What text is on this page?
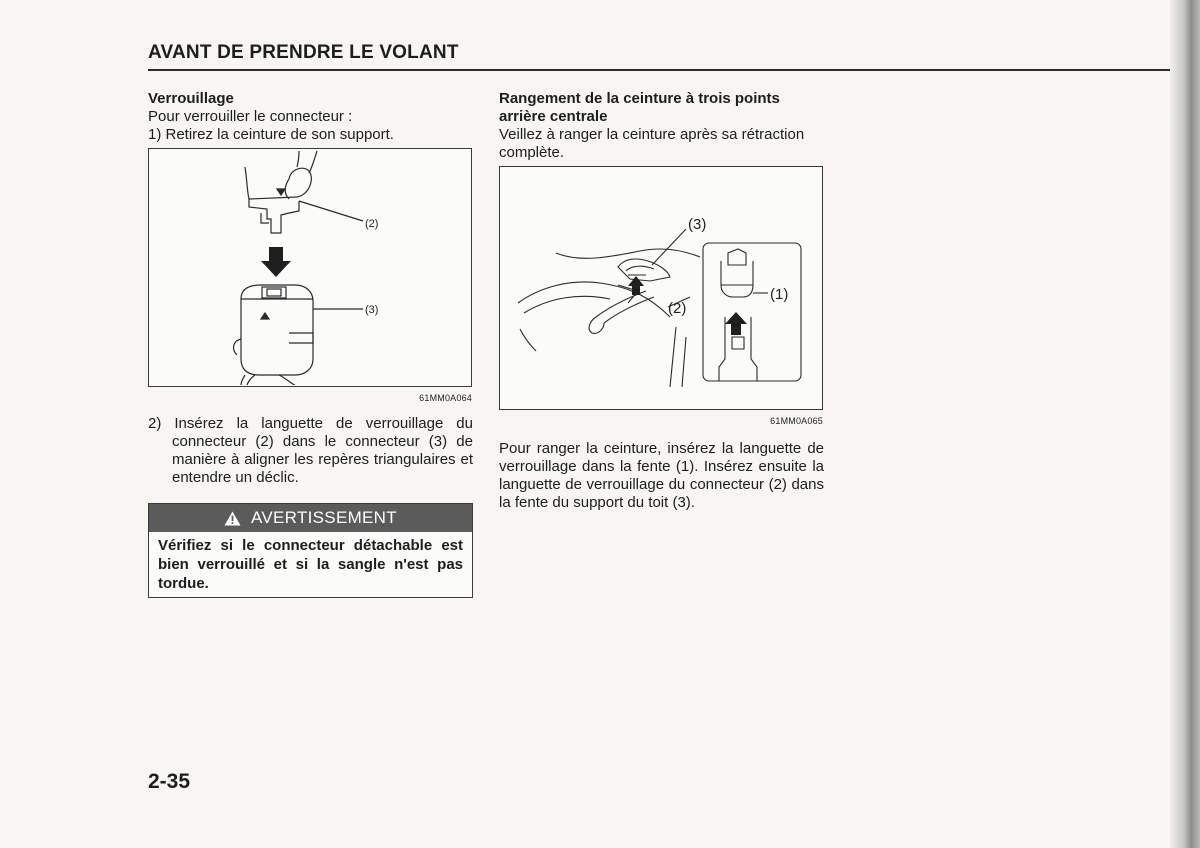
AVANT DE PRENDRE LE VOLANT
Verrouillage
Pour verrouiller le connecteur :
1) Retirez la ceinture de son support.
(2)
(3)
61MM0A064
2) Insérez la languette de verrouillage du connecteur (2) dans le connecteur (3) de manière à aligner les repères triangulaires et entendre un déclic.
AVERTISSEMENT
Vérifiez si le connecteur détachable est bien verrouillé et si la sangle n'est pas tordue.
Rangement de la ceinture à trois points arrière centrale
Veillez à ranger la ceinture après sa rétraction complète.
(3)
(2)
(1)
61MM0A065
Pour ranger la ceinture, insérez la languette de verrouillage dans la fente (1). Insérez ensuite la languette de verrouillage du connecteur (2) dans la fente du support du toit (3).
2-35
